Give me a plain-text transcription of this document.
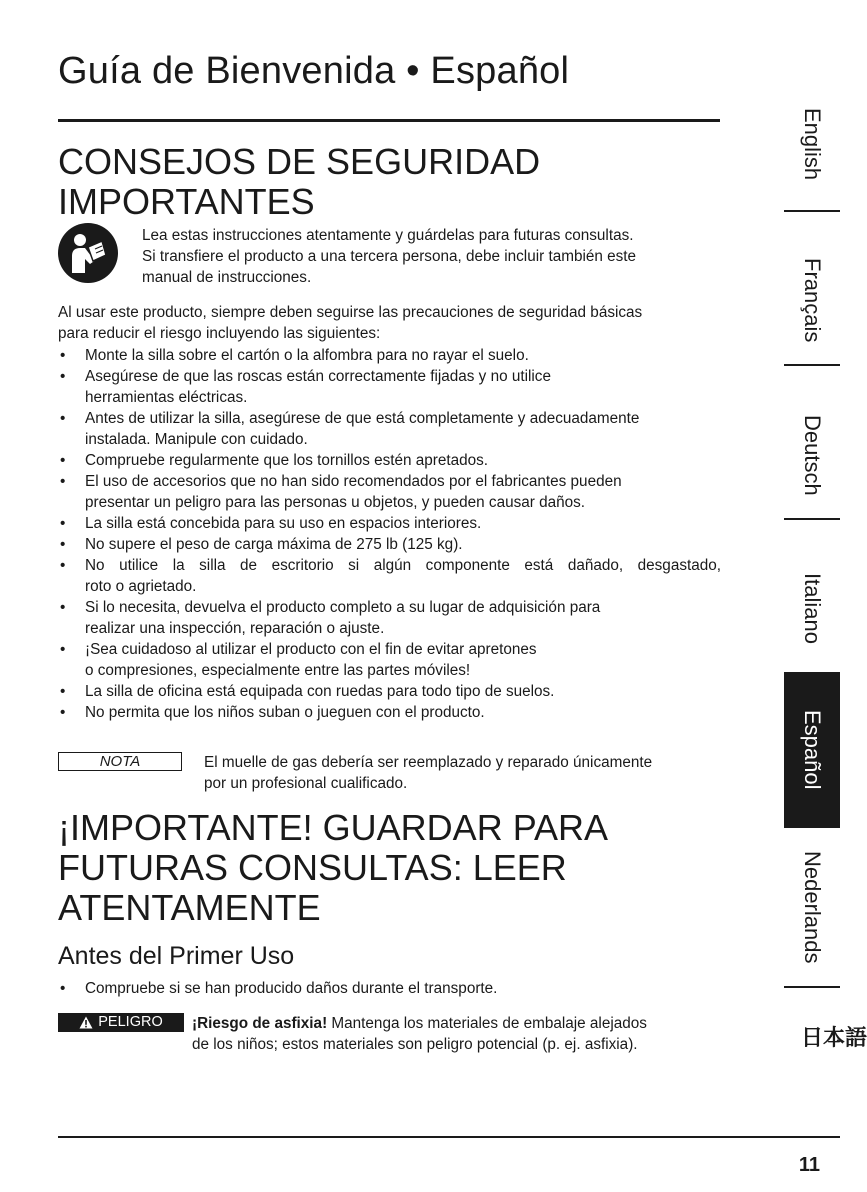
Guía de Bienvenida • Español
CONSEJOS DE SEGURIDAD
IMPORTANTES

Lea estas instrucciones atentamente y guárdelas para futuras consultas.
Si transfiere el producto a una tercera persona, debe incluir también este
manual de instrucciones.

Al usar este producto, siempre deben seguirse las precauciones de seguridad básicas
para reducir el riesgo incluyendo las siguientes:

• Monte la silla sobre el cartón o la alfombra para no rayar el suelo.
• Asegúrese de que las roscas están correctamente fijadas y no utilice
herramientas eléctricas.
• Antes de utilizar la silla, asegúrese de que está completamente y adecuadamente
instalada. Manipule con cuidado.
• Compruebe regularmente que los tornillos estén apretados.
• El uso de accesorios que no han sido recomendados por el fabricantes pueden
presentar un peligro para las personas u objetos, y pueden causar daños.
• La silla está concebida para su uso en espacios interiores.
• No supere el peso de carga máxima de 275 lb (125 kg).
• No utilice la silla de escritorio si algún componente está dañado, desgastado,
roto o agrietado.
• Si lo necesita, devuelva el producto completo a su lugar de adquisición para
realizar una inspección, reparación o ajuste.
• ¡Sea cuidadoso al utilizar el producto con el fin de evitar apretones
o compresiones, especialmente entre las partes móviles!
• La silla de oficina está equipada con ruedas para todo tipo de suelos.
• No permita que los niños suban o jueguen con el producto.
NOTA	El muelle de gas debería ser reemplazado y reparado únicamente
por un profesional cualificado.

¡IMPORTANTE! GUARDAR PARA
FUTURAS CONSULTAS: LEER
ATENTAMENTE
Antes del Primer Uso
• Compruebe si se han producido daños durante el transporte.
PELIGRO ¡Riesgo de asfixia! Mantenga los materiales de embalaje alejados
de los niños; estos materiales son peligro potencial (p. ej. asfixia).

11
English
Français
Deutsch
Italiano
Español
Nederlands
日本語
